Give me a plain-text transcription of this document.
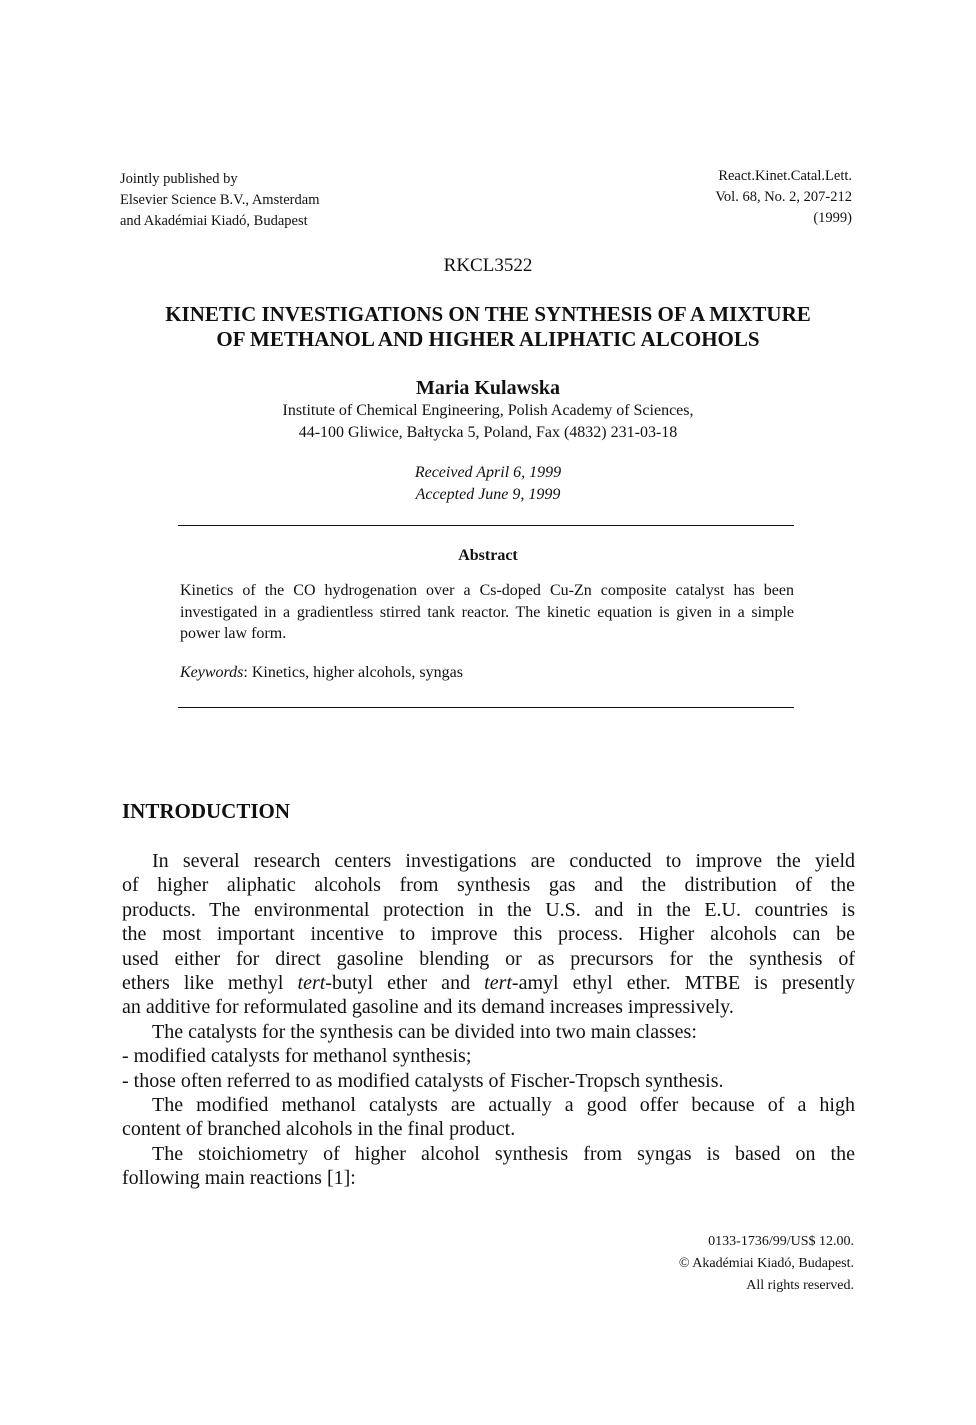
Jointly published by
Elsevier Science B.V., Amsterdam
and Akadémiai Kiadó, Budapest
React.Kinet.Catal.Lett.
Vol. 68, No. 2, 207-212
(1999)
RKCL3522
KINETIC INVESTIGATIONS ON THE SYNTHESIS OF A MIXTURE
OF METHANOL AND HIGHER ALIPHATIC ALCOHOLS
Maria Kulawska
Institute of Chemical Engineering, Polish Academy of Sciences,
44-100 Gliwice, Bałtycka 5, Poland, Fax (4832) 231-03-18
Received April 6, 1999
Accepted June 9, 1999
Abstract
Kinetics of the CO hydrogenation over a Cs-doped Cu-Zn composite catalyst has been investigated in a gradientless stirred tank reactor. The kinetic equation is given in a simple power law form.
Keywords: Kinetics, higher alcohols, syngas
INTRODUCTION

In several research centers investigations are conducted to improve the yield
of higher aliphatic alcohols from synthesis gas and the distribution of the
products. The environmental protection in the U.S. and in the E.U. countries is
the most important incentive to improve this process. Higher alcohols can be
used either for direct gasoline blending or as precursors for the synthesis of
ethers like methyl tert-butyl ether and tert-amyl ethyl ether. MTBE is presently
an additive for reformulated gasoline and its demand increases impressively.

The catalysts for the synthesis can be divided into two main classes:
- modified catalysts for methanol synthesis;
- those often referred to as modified catalysts of Fischer-Tropsch synthesis.

The modified methanol catalysts are actually a good offer because of a high
content of branched alcohols in the final product.

The stoichiometry of higher alcohol synthesis from syngas is based on the
following main reactions [1]:

0133-1736/99/US$ 12.00.
© Akadémiai Kiadó, Budapest.
All rights reserved.
